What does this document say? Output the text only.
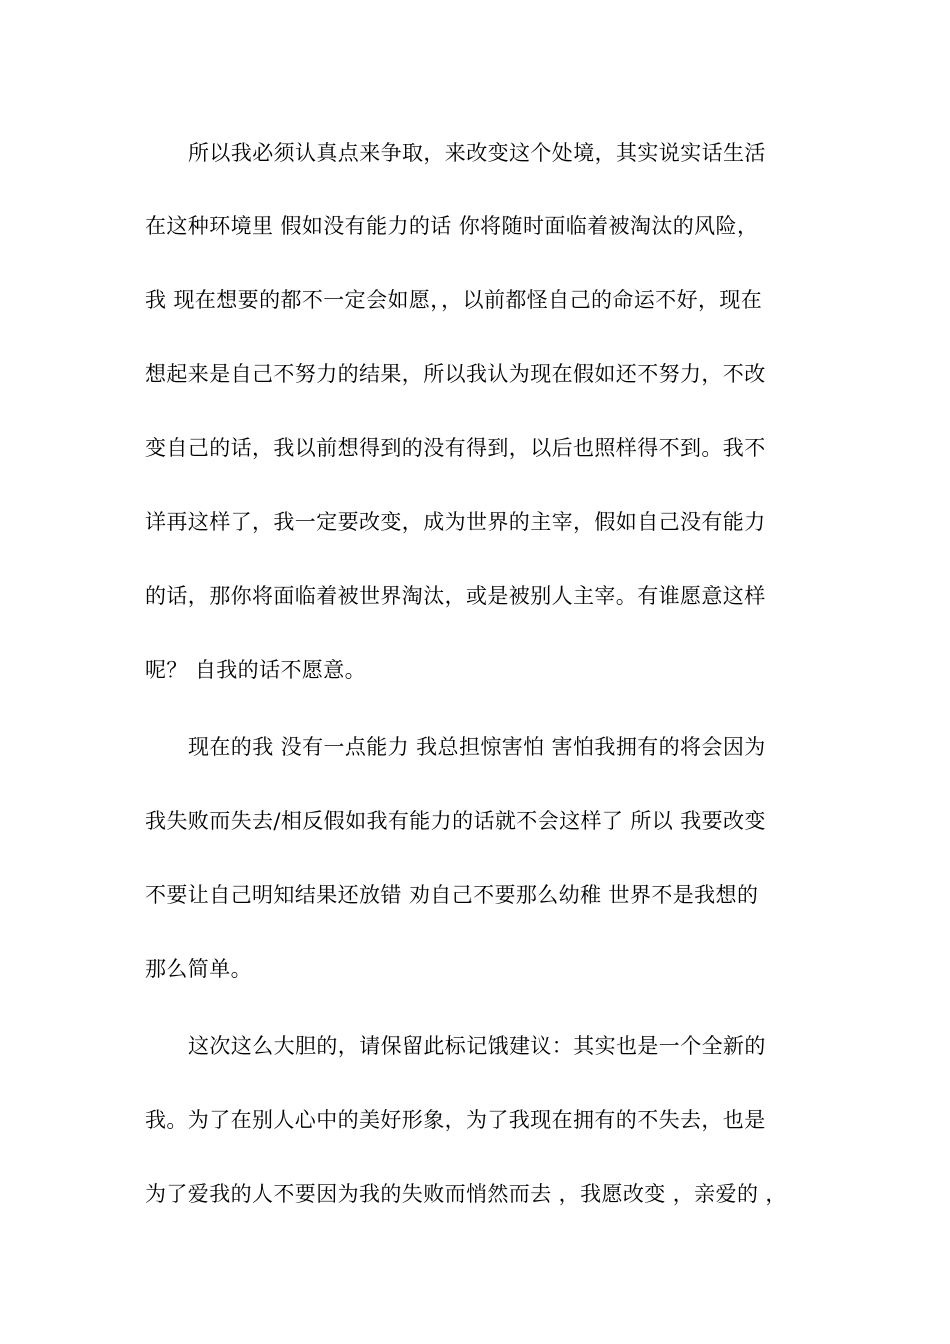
所以我必须认真点来争取，来改变这个处境，其实说实话生活
在这种环境里 假如没有能力的话 你将随时面临着被淘汰的风险，
我 现在想要的都不一定会如愿，，以前都怪自己的命运不好，现在
想起来是自己不努力的结果，所以我认为现在假如还不努力，不改
变自己的话，我以前想得到的没有得到，以后也照样得不到。我不
详再这样了，我一定要改变，成为世界的主宰，假如自己没有能力
的话，那你将面临着被世界淘汰，或是被别人主宰。有谁愿意这样
呢？ 自我的话不愿意。
现在的我 没有一点能力 我总担惊害怕 害怕我拥有的将会因为
我失败而失去/相反假如我有能力的话就不会这样了 所以 我要改变
不要让自己明知结果还放错 劝自己不要那么幼稚 世界不是我想的
那么简单。
这次这么大胆的，请保留此标记饿建议：其实也是一个全新的
我。为了在别人心中的美好形象，为了我现在拥有的不失去，也是
为了爱我的人不要因为我的失败而悄然而去 ，我愿改变 ，亲爱的 ，
